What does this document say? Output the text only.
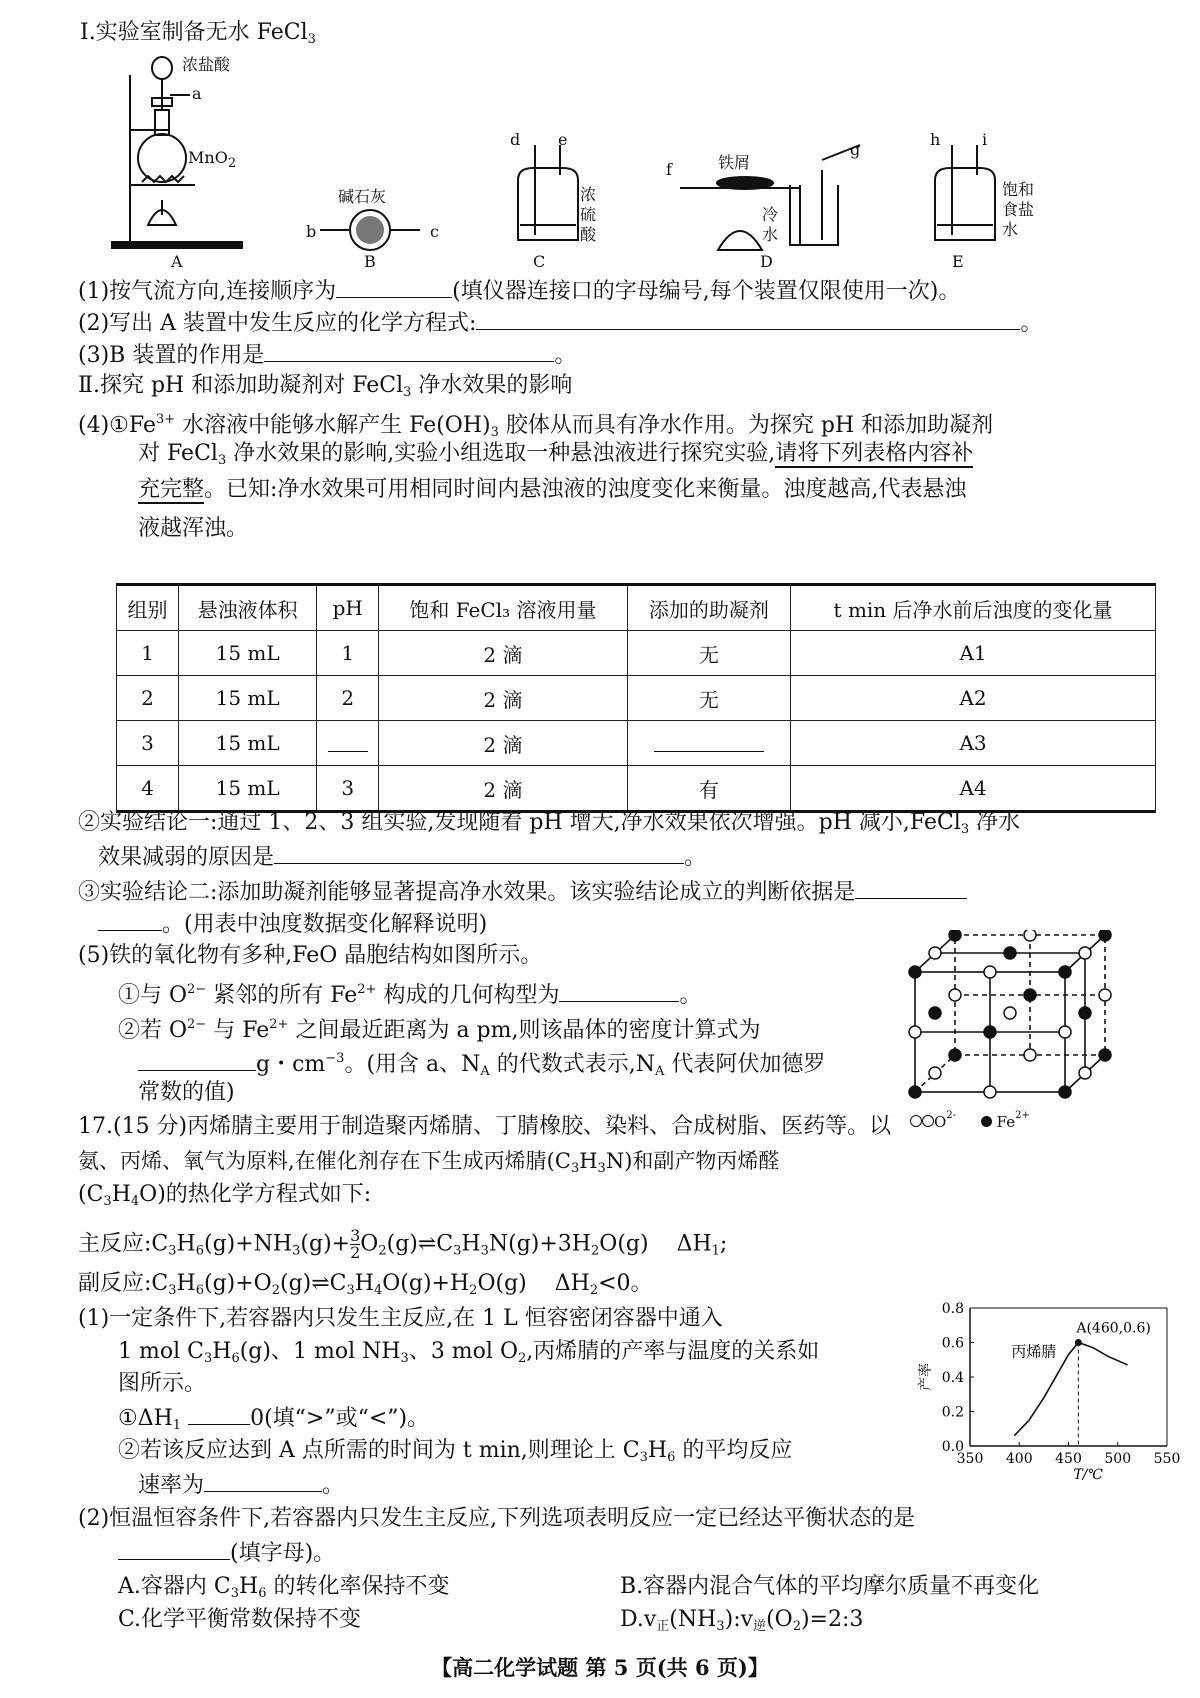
Ⅰ.实验室制备无水 FeCl$_3$
浓盐酸
a
MnO$_2$
A
碱石灰
b	c
B
d e
浓
硫
酸
C
铁屑
f
g
冷
水
D
h	i
饱和
食盐
水
E
(1)按气流方向,连接顺序为	(填仪器连接口的字母编号,每个装置仅限使用一次)。
(2)写出 A 装置中发生反应的化学方程式:	。
(3)B 装置的作用是	。
Ⅱ.探究 pH 和添加助凝剂对 FeCl$_3$ 净水效果的影响
$(4)①Fe^{3+}$ 水溶液中能够水解产生 $Fe(OH)_3$ 胶体从而具有净水作用。为探究 pH 和添加助凝剂
对 FeCl$_3$ 净水效果的影响,实验小组选取一种悬浊液进行探究实验,请将下列表格内容补
充完整。已知:净水效果可用相同时间内悬浊液的浊度变化来衡量。浊度越高,代表悬浊
液越浑浊。
组别	悬浊液体积	pH	饱和 FeCl₃ 溶液用量	添加的助凝剂	t min 后净水前后浊度的变化量
1	15 mL	1	2 滴	无	A1
2	15 mL	2	2 滴	无	A2
3	15 mL		2 滴		A3
4	15 mL	3	2 滴	有	A4
②实验结论一:通过 1、2、3 组实验,发现随着 pH 增大,净水效果依次增强。pH 减小,FeCl$_3$ 净水
效果减弱的原因是	。
③实验结论二:添加助凝剂能够显著提高净水效果。该实验结论成立的判断依据是
。(用表中浊度数据变化解释说明)
(5)铁的氧化物有多种,FeO 晶胞结构如图所示。
①与 $O^{2-}$ 紧邻的所有 $Fe^{2+}$ 构成的几何构型为	。
②若 $O^{2-}$ 与 $Fe^{2+}$ 之间最近距离为 a pm,则该晶体的密度计算式为
g・$cm^{-3}$。(用含 a、$N_A$ 的代数式表示$,N_A$ 代表阿伏加德罗
常数的值)
$O^{2-}$	$Fe^{2+}$
17.(15 分)丙烯腈主要用于制造聚丙烯腈、丁腈橡胶、染料、合成树脂、医药等。以
氨、丙烯、氧气为原料,在催化剂存在下生成丙烯腈$(C_3H_3N)$和副产物丙烯醛
$(C_3H_4O)$的热化学方程式如下:
主反应$:C_3H_6(g)+NH_3(g)+ \frac{3}{2}$ $O_2(g)\rightleftharpoons C_3H_3N(g)+3H_2O(g)$ $\Delta H_1$;
副反应$:C_3H_6(g)+O_2(g)\rightleftharpoons C_3H_4O(g)+H_2O(g)$ $\Delta H_2<0$。
(1)一定条件下,若容器内只发生主反应,在 1 L 恒容密闭容器中通入
1 mol $C_3H_6(g)$、1 mol $NH_3$、3 mol $O_2$,丙烯腈的产率与温度的关系如
图所示。
$①\Delta H_1$	0(填“>”或“<”)。
②若该反应达到 A 点所需的时间为 t min,则理论上 $C_3H_6$ 的平均反应
速率为	。
(2)恒温恒容条件下,若容器内只发生主反应,下列选项表明反应一定已经达平衡状态的是
(填字母)。
A.容器内 $C_3H_6$ 的转化率保持不变	B.容器内混合气体的平均摩尔质量不再变化
C.化学平衡常数保持不变	$D.v_正(NH_3):v_逆(O_2)=2:3$
350 400 450 500 550
0.0
0.2
0.4
0.6
0.8
T/℃
产率
丙烯腈
A(460,0.6)
【高二化学试题 第 5 页(共 6 页)】
